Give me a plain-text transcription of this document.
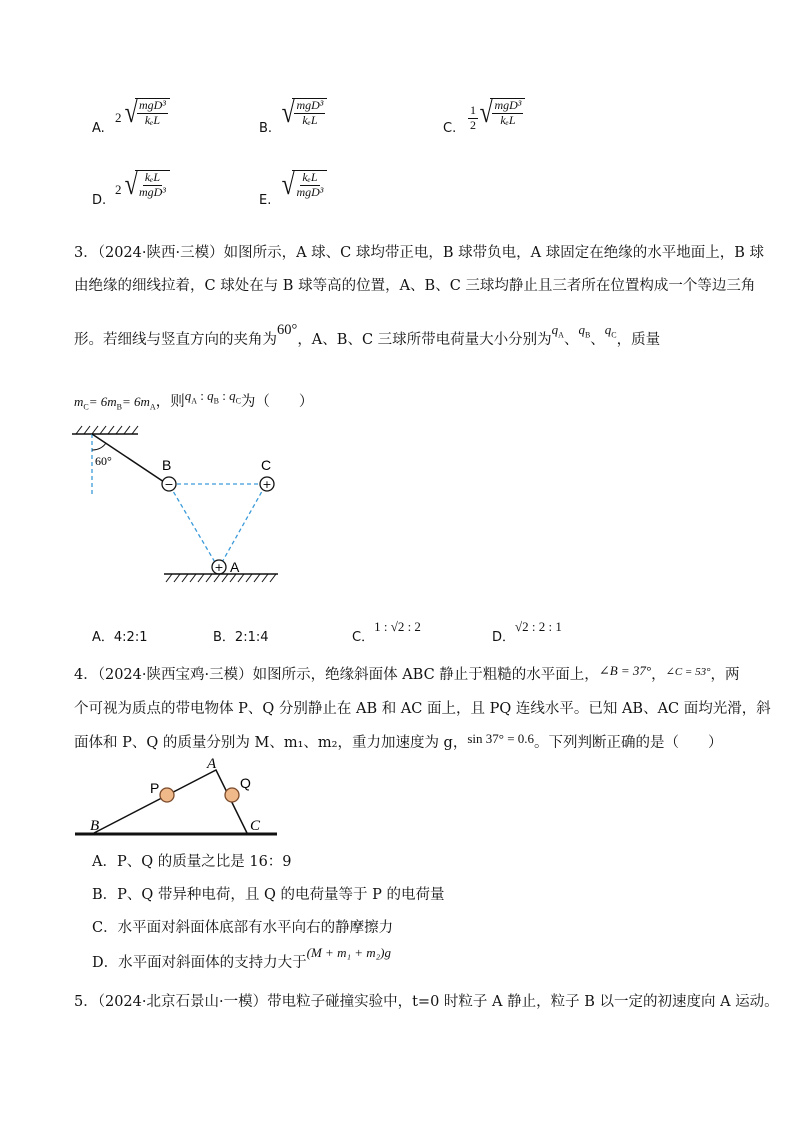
A.
2 √ $\frac{\text{mgD³}}{\text{kₑL}}$
B. √ $\frac{\text{mgD³}}{\text{kₑL}}$
C. $\frac{1}{2}$ √ $\frac{\text{mgD³}}{\text{kₑL}}$
D.
2 √ $\frac{\text{kₑL}}{\text{mgD³}}$
E. √ $\frac{\text{kₑL}}{\text{mgD³}}$
3．（2024·陕西·三模）如图所示，A 球、C 球均带正电，B 球带负电，A 球固定在绝缘的水平地面上，B 球
由绝缘的细线拉着，C 球处在与 B 球等高的位置，A、B、C 三球均静止且三者所在位置构成一个等边三角
形。若细线与竖直方向的夹角为60°，A、B、C 三球所带电荷量大小分别为$q_A$、$q_B$、$q_C$，质量
$m_C= 6m_B= 6m_A$，则$q_A$ : $q_B$ : $q_C$为（　　）
60°
−
B
+
C
+ A
A．4:2:1	B．2:1:4	C．1 : √2 : 2
D．√2 : 2 : 1
4．（2024·陕西宝鸡·三模）如图所示，绝缘斜面体 ABC 静止于粗糙的水平面上，∠B = 37°，$^{\angle C = 53^\circ}$，两
个可视为质点的带电物体 P、Q 分别静止在 AB 和 AC 面上，且 PQ 连线水平。已知 AB、AC 面均光滑，斜
面体和 P、Q 的质量分别为 M、m₁、m₂，重力加速度为 g，sin 37° = 0.6。下列判断正确的是（　　）
P	Q
A
B	C
A．P、Q 的质量之比是 16：9
B．P、Q 带异种电荷，且 Q 的电荷量等于 P 的电荷量
C．水平面对斜面体底部有水平向右的静摩擦力
D．水平面对斜面体的支持力大于(M + m₁ + m₂)g
5．（2024·北京石景山·一模）带电粒子碰撞实验中，t=0 时粒子 A 静止，粒子 B 以一定的初速度向 A 运动。
